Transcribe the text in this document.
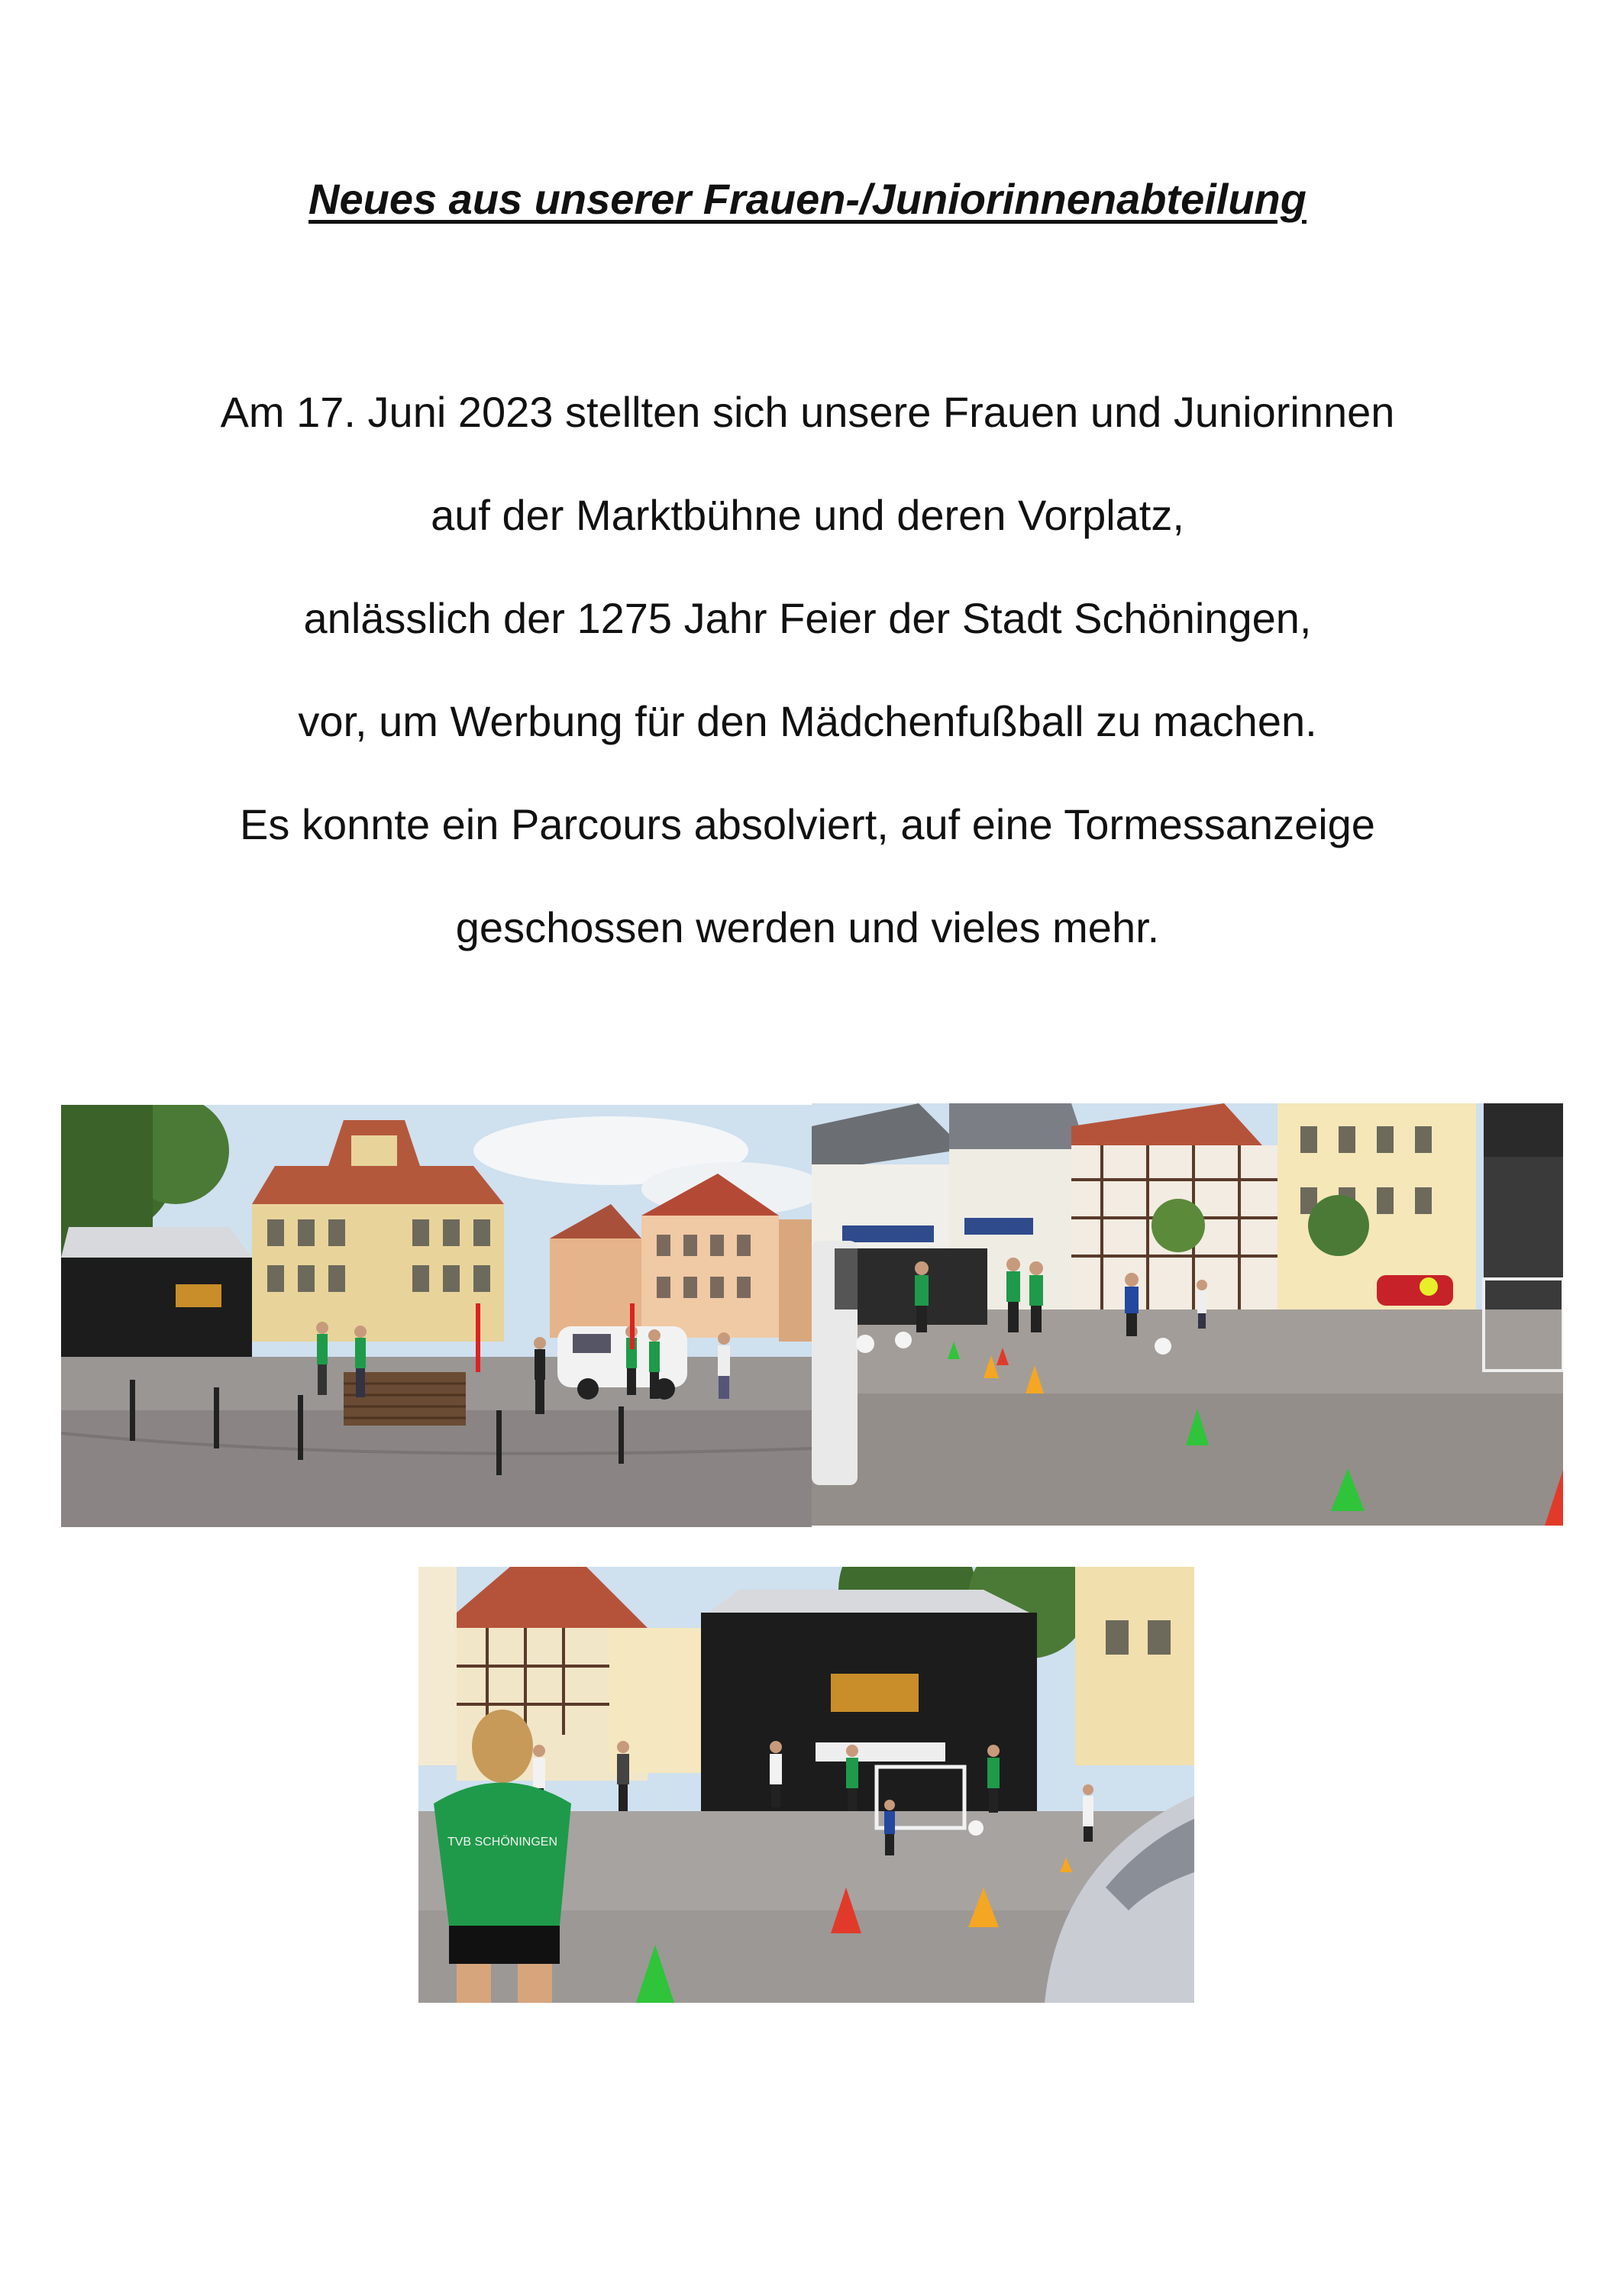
Neues aus unserer Frauen-/Juniorinnenabteilung
Am 17. Juni 2023 stellten sich unsere Frauen und Juniorinnen
auf der Marktbühne und deren Vorplatz,
anlässlich der 1275 Jahr Feier der Stadt Schöningen,
vor, um Werbung für den Mädchenfußball zu machen.
Es konnte ein Parcours absolviert, auf eine Tormessanzeige
geschossen werden und vieles mehr.
TVB SCHÖNINGEN
